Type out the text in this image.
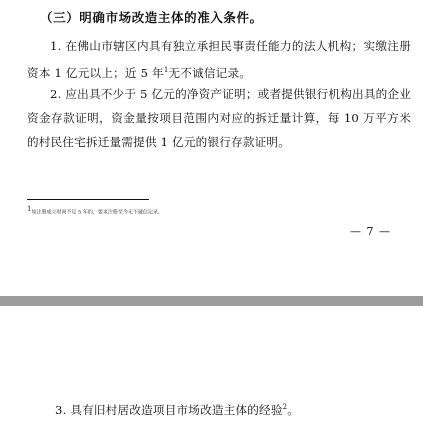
（三）明确市场改造主体的准入条件。

1. 在佛山市辖区内具有独立承担民事责任能力的法人机构；实缴注册资本 1 亿元以上；近 5 年$^1$无不诚信记录。

2. 应出具不少于 5 亿元的净资产证明；或者提供银行机构出具的企业资金存款证明，资金量按项目范围内对应的拆迁量计算，每 10 万平方米的村民住宅拆迁量需提供 1 亿元的银行存款证明。

$^1$如注册成立时间不足 5 年的，要求注册至今无不诚信记录。
— 7 —
3. 具有旧村居改造项目市场改造主体的经验$^2$。
